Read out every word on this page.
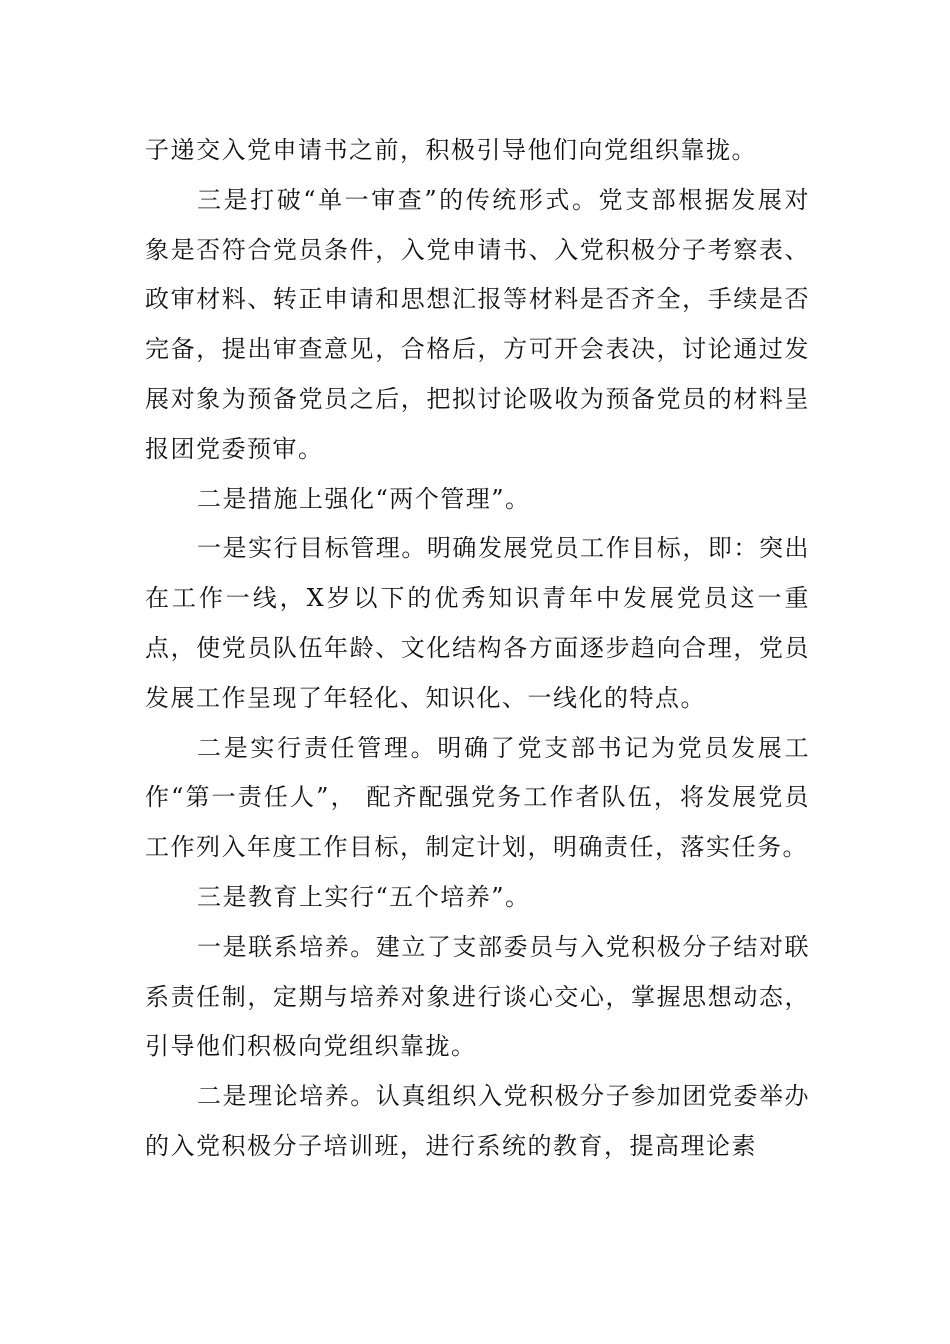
子递交入党申请书之前，积极引导他们向党组织靠拢。

三是打破“单一审查”的传统形式。党支部根据发展对象是否符合党员条件，入党申请书、入党积极分子考察表、政审材料、转正申请和思想汇报等材料是否齐全，手续是否完备，提出审查意见，合格后，方可开会表决，讨论通过发展对象为预备党员之后，把拟讨论吸收为预备党员的材料呈报团党委预审。

二是措施上强化“两个管理”。

一是实行目标管理。明确发展党员工作目标，即：突出在工作一线，X岁以下的优秀知识青年中发展党员这一重点，使党员队伍年龄、文化结构各方面逐步趋向合理，党员发展工作呈现了年轻化、知识化、一线化的特点。

二是实行责任管理。明确了党支部书记为党员发展工作“第一责任人”， 配齐配强党务工作者队伍，将发展党员工作列入年度工作目标，制定计划，明确责任，落实任务。

三是教育上实行“五个培养”。

一是联系培养。建立了支部委员与入党积极分子结对联系责任制，定期与培养对象进行谈心交心，掌握思想动态，引导他们积极向党组织靠拢。

二是理论培养。认真组织入党积极分子参加团党委举办的入党积极分子培训班，进行系统的教育，提高理论素
